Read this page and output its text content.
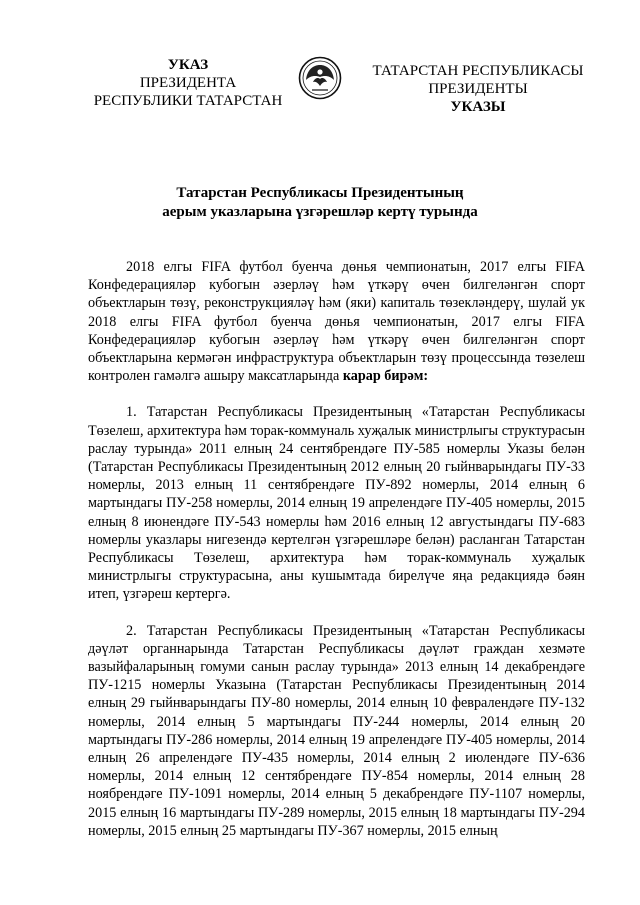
УКАЗ
ПРЕЗИДЕНТА
РЕСПУБЛИКИ ТАТАРСТАН
ТАТАРСТАН РЕСПУБЛИКАСЫ
ПРЕЗИДЕНТЫ
УКАЗЫ
Татарстан Республикасы Президентының
аерым указларына үзгәрешләр кертү турында

2018 елгы FIFA футбол буенча дөнья чемпионатын, 2017 елгы FIFA Конфедерацияләр кубогын әзерләү һәм үткәрү өчен билгеләнгән спорт объектларын төзү, реконструкцияләү һәм (яки) капиталь төзекләндерү, шулай ук 2018 елгы FIFA футбол буенча дөнья чемпионатын, 2017 елгы FIFA Конфедерацияләр кубогын әзерләү һәм үткәрү өчен билгеләнгән спорт объектларына кермәгән инфраструктура объектларын төзү процессында төзелеш контролен гамәлгә ашыру максатларында карар бирәм:

1. Татарстан Республикасы Президентының «Татарстан Республикасы Төзелеш, архитектура һәм торак-коммуналь хуҗалык министрлыгы структурасын раслау турында» 2011 елның 24 сентябрендәге ПУ-585 номерлы Указы белән (Татарстан Республикасы Президентының 2012 елның 20 гыйнварындагы ПУ-33 номерлы, 2013 елның 11 сентябрендәге ПУ-892 номерлы, 2014 елның 6 мартындагы ПУ-258 номерлы, 2014 елның 19 апрелендәге ПУ-405 номерлы, 2015 елның 8 июнендәге ПУ-543 номерлы һәм 2016 елның 12 августындагы ПУ-683 номерлы указлары нигезендә кертелгән үзгәрешләре белән) расланган Татарстан Республикасы Төзелеш, архитектура һәм торак-коммуналь хуҗалык министрлыгы структурасына, аны кушымтада бирелүче яңа редакциядә бәян итеп, үзгәреш кертергә.

2. Татарстан Республикасы Президентының «Татарстан Республикасы дәүләт органнарында Татарстан Республикасы дәүләт граждан хезмәте вазыйфаларының гомуми санын раслау турында» 2013 елның 14 декабрендәге ПУ-1215 номерлы Указына (Татарстан Республикасы Президентының 2014 елның 29 гыйнварындагы ПУ-80 номерлы, 2014 елның 10 февралендәге ПУ-132 номерлы, 2014 елның 5 мартындагы ПУ-244 номерлы, 2014 елның 20 мартындагы ПУ-286 номерлы, 2014 елның 19 апрелендәге ПУ-405 номерлы, 2014 елның 26 апрелендәге ПУ-435 номерлы, 2014 елның 2 июлендәге ПУ-636 номерлы, 2014 елның 12 сентябрендәге ПУ-854 номерлы, 2014 елның 28 ноябрендәге ПУ-1091 номерлы, 2014 елның 5 декабрендәге ПУ-1107 номерлы, 2015 елның 16 мартындагы ПУ-289 номерлы, 2015 елның 18 мартындагы ПУ-294 номерлы, 2015 елның 25 мартындагы ПУ-367 номерлы, 2015 елның
